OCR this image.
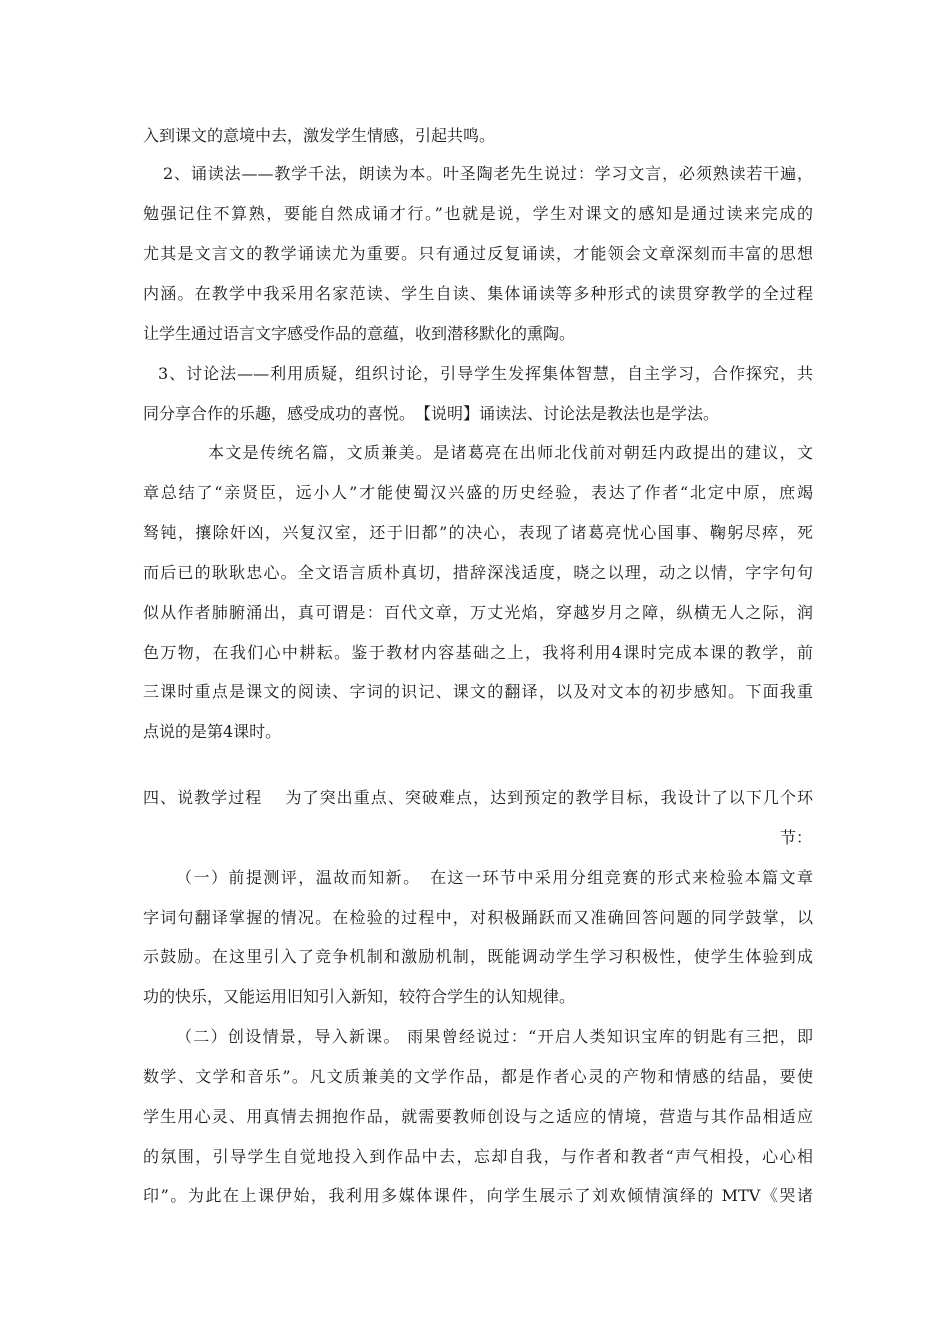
入到课文的意境中去，激发学生情感，引起共鸣。
2、诵读法——教学千法，朗读为本。叶圣陶老先生说过：学习文言，必须熟读若干遍，
勉强记住不算熟，要能自然成诵才行。”也就是说，学生对课文的感知是通过读来完成的
尤其是文言文的教学诵读尤为重要。只有通过反复诵读，才能领会文章深刻而丰富的思想
内涵。在教学中我采用名家范读、学生自读、集体诵读等多种形式的读贯穿教学的全过程
让学生通过语言文字感受作品的意蕴，收到潜移默化的熏陶。
3、讨论法——利用质疑，组织讨论，引导学生发挥集体智慧，自主学习，合作探究，共
同分享合作的乐趣，感受成功的喜悦。　【说明】诵读法、讨论法是教法也是学法。
本文是传统名篇，文质兼美。是诸葛亮在出师北伐前对朝廷内政提出的建议，文
章总结了“亲贤臣，远小人”才能使蜀汉兴盛的历史经验，表达了作者“北定中原，庶竭
驽钝，攘除奸凶，兴复汉室，还于旧都”的决心，表现了诸葛亮忧心国事、鞠躬尽瘁，死
而后已的耿耿忠心。全文语言质朴真切，措辞深浅适度，晓之以理，动之以情，字字句句
似从作者肺腑涌出，真可谓是：百代文章，万丈光焰，穿越岁月之障，纵横无人之际，润
色万物，在我们心中耕耘。鉴于教材内容基础之上，我将利用4课时完成本课的教学，前
三课时重点是课文的阅读、字词的识记、课文的翻译，以及对文本的初步感知。下面我重
点说的是第4课时。
四、说教学过程　 为了突出重点、突破难点，达到预定的教学目标，我设计了以下几个环
节：
（一）前提测评，温故而知新。　在这一环节中采用分组竞赛的形式来检验本篇文章
字词句翻译掌握的情况。在检验的过程中，对积极踊跃而又准确回答问题的同学鼓掌，以
示鼓励。在这里引入了竞争机制和激励机制，既能调动学生学习积极性，使学生体验到成
功的快乐，又能运用旧知引入新知，较符合学生的认知规律。
（二）创设情景，导入新课。 雨果曾经说过：“开启人类知识宝库的钥匙有三把，即
数学、文学和音乐”。凡文质兼美的文学作品，都是作者心灵的产物和情感的结晶，要使
学生用心灵、用真情去拥抱作品，就需要教师创设与之适应的情境，营造与其作品相适应
的氛围，引导学生自觉地投入到作品中去，忘却自我，与作者和教者“声气相投，心心相
印”。为此在上课伊始，我利用多媒体课件，向学生展示了刘欢倾情演绎的 MTV《哭诸
